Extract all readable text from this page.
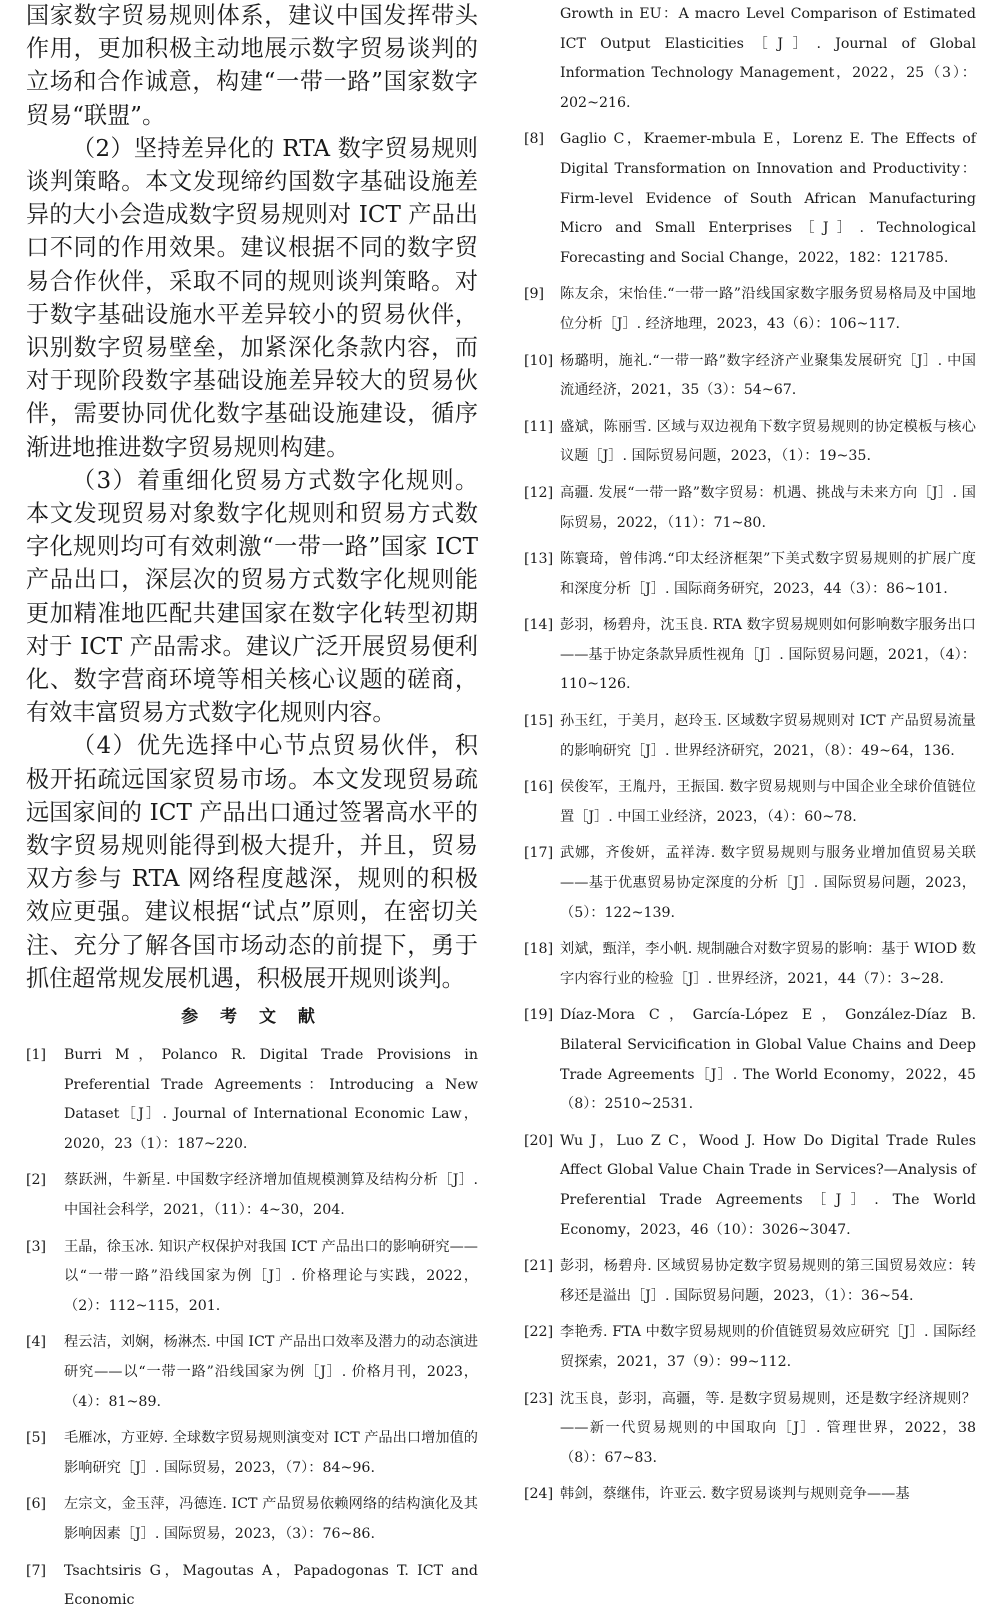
国家数字贸易规则体系，建议中国发挥带头作用，更加积极主动地展示数字贸易谈判的立场和合作诚意，构建“一带一路”国家数字贸易“联盟”。

（2）坚持差异化的 RTA 数字贸易规则谈判策略。本文发现缔约国数字基础设施差异的大小会造成数字贸易规则对 ICT 产品出口不同的作用效果。建议根据不同的数字贸易合作伙伴，采取不同的规则谈判策略。对于数字基础设施水平差异较小的贸易伙伴，识别数字贸易壁垒，加紧深化条款内容，而对于现阶段数字基础设施差异较大的贸易伙伴，需要协同优化数字基础设施建设，循序渐进地推进数字贸易规则构建。

（3）着重细化贸易方式数字化规则。本文发现贸易对象数字化规则和贸易方式数字化规则均可有效刺激“一带一路”国家 ICT 产品出口，深层次的贸易方式数字化规则能更加精准地匹配共建国家在数字化转型初期对于 ICT 产品需求。建议广泛开展贸易便利化、数字营商环境等相关核心议题的磋商，有效丰富贸易方式数字化规则内容。

（4）优先选择中心节点贸易伙伴，积极开拓疏远国家贸易市场。本文发现贸易疏远国家间的 ICT 产品出口通过签署高水平的数字贸易规则能得到极大提升，并且，贸易双方参与 RTA 网络程度越深，规则的积极效应更强。建议根据“试点”原则，在密切关注、充分了解各国市场动态的前提下，勇于抓住超常规发展机遇，积极展开规则谈判。

参 考 文 献
[1]	Burri M，Polanco R. Digital Trade Provisions in Preferential Trade Agreements：Introducing a New Dataset［J］. Journal of International Economic Law，2020，23（1）：187~220.
[2]	蔡跃洲，牛新星. 中国数字经济增加值规模测算及结构分析［J］. 中国社会科学，2021，（11）：4~30，204.
[3]	王晶，徐玉冰. 知识产权保护对我国 ICT 产品出口的影响研究——以“一带一路”沿线国家为例［J］. 价格理论与实践，2022，（2）：112~115，201.
[4]	程云洁，刘娴，杨淋杰. 中国 ICT 产品出口效率及潜力的动态演进研究——以“一带一路”沿线国家为例［J］. 价格月刊，2023，（4）：81~89.
[5]	毛雁冰，方亚婷. 全球数字贸易规则演变对 ICT 产品出口增加值的影响研究［J］. 国际贸易，2023，（7）：84~96.
[6]	左宗文，金玉萍，冯德连. ICT 产品贸易依赖网络的结构演化及其影响因素［J］. 国际贸易，2023，（3）：76~86.
[7]	Tsachtsiris G，Magoutas A，Papadogonas T. ICT and Economic
Growth in EU：A macro Level Comparison of Estimated ICT Output Elasticities［J］. Journal of Global Information Technology Management，2022，25（3）：202~216.
[8]	Gaglio C，Kraemer-mbula E，Lorenz E. The Effects of Digital Transformation on Innovation and Productivity：Firm-level Evidence of South African Manufacturing Micro and Small Enterprises［J］. Technological Forecasting and Social Change，2022，182：121785.
[9]	陈友余，宋怡佳.“一带一路”沿线国家数字服务贸易格局及中国地位分析［J］. 经济地理，2023，43（6）：106~117.
[10] 杨璐明，施礼.“一带一路”数字经济产业聚集发展研究［J］. 中国流通经济，2021，35（3）：54~67.
[11] 盛斌，陈丽雪. 区域与双边视角下数字贸易规则的协定模板与核心议题［J］. 国际贸易问题，2023，（1）：19~35.
[12] 高疆. 发展“一带一路”数字贸易：机遇、挑战与未来方向［J］. 国际贸易，2022，（11）：71~80.
[13] 陈寰琦，曾伟鸿.“印太经济框架”下美式数字贸易规则的扩展广度和深度分析［J］. 国际商务研究，2023，44（3）：86~101.
[14] 彭羽，杨碧舟，沈玉良. RTA 数字贸易规则如何影响数字服务出口——基于协定条款异质性视角［J］. 国际贸易问题，2021，（4）：110~126.
[15] 孙玉红，于美月，赵玲玉. 区域数字贸易规则对 ICT 产品贸易流量的影响研究［J］. 世界经济研究，2021，（8）：49~64，136.
[16] 侯俊军，王胤丹，王振国. 数字贸易规则与中国企业全球价值链位置［J］. 中国工业经济，2023，（4）：60~78.
[17] 武娜，齐俊妍，孟祥涛. 数字贸易规则与服务业增加值贸易关联——基于优惠贸易协定深度的分析［J］. 国际贸易问题，2023，（5）：122~139.
[18] 刘斌，甄洋，李小帆. 规制融合对数字贸易的影响：基于 WIOD 数字内容行业的检验［J］. 世界经济，2021，44（7）：3~28.
[19] Díaz-Mora C，García-López E，González-Díaz B. Bilateral Servicification in Global Value Chains and Deep Trade Agreements［J］. The World Economy，2022，45（8）：2510~2531.
[20] Wu J，Luo Z C，Wood J. How Do Digital Trade Rules Affect Global Value Chain Trade in Services?—Analysis of Preferential Trade Agreements［J］. The World Economy，2023，46（10）：3026~3047.
[21] 彭羽，杨碧舟. 区域贸易协定数字贸易规则的第三国贸易效应：转移还是溢出［J］. 国际贸易问题，2023，（1）：36~54.
[22] 李艳秀. FTA 中数字贸易规则的价值链贸易效应研究［J］. 国际经贸探索，2021，37（9）：99~112.
[23] 沈玉良，彭羽，高疆，等. 是数字贸易规则，还是数字经济规则？——新一代贸易规则的中国取向［J］. 管理世界，2022，38（8）：67~83.
[24] 韩剑，蔡继伟，许亚云. 数字贸易谈判与规则竞争——基
